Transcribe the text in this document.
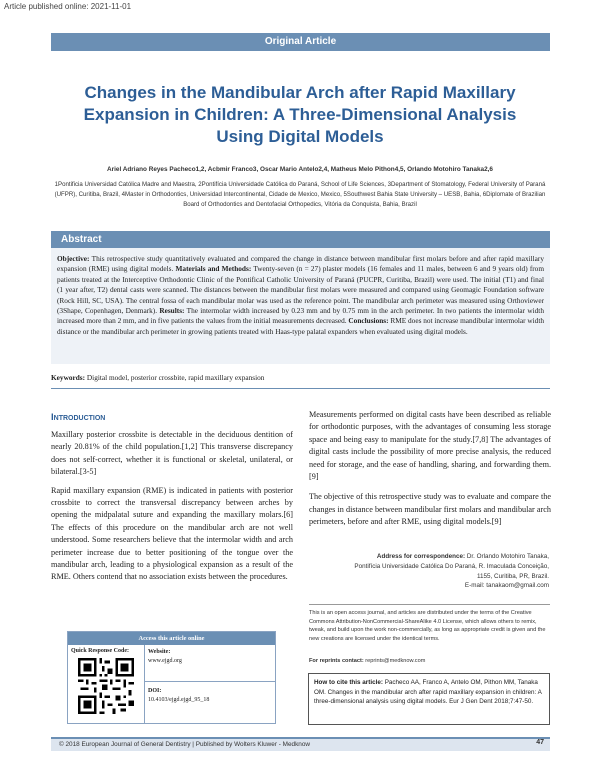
Article published online: 2021-11-01
Original Article
Changes in the Mandibular Arch after Rapid Maxillary Expansion in Children: A Three-Dimensional Analysis Using Digital Models
Ariel Adriano Reyes Pacheco1,2, Acbmir Franco3, Oscar Mario Antelo2,4, Matheus Melo Pithon4,5, Orlando Motohiro Tanaka2,6
1Pontificia Universidad Católica Madre and Maestra, 2Pontifícia Universidade Católica do Paraná, School of Life Sciences, 3Department of Stomatology, Federal University of Paraná (UFPR), Curitiba, Brazil, 4Master in Orthodontics, Universidad Intercontinental, Cidade de Mexico, Mexico, 5Southwest Bahia State University – UESB, Bahia, 6Diplomate of Brazilian Board of Orthodontics and Dentofacial Orthopedics, Vitória da Conquista, Bahia, Brazil
Abstract
Objective: This retrospective study quantitatively evaluated and compared the change in distance between mandibular first molars before and after rapid maxillary expansion (RME) using digital models. Materials and Methods: Twenty-seven (n = 27) plaster models (16 females and 11 males, between 6 and 9 years old) from patients treated at the Interceptive Orthodontic Clinic of the Pontifical Catholic University of Paraná (PUCPR, Curitiba, Brazil) were used. The initial (T1) and final (1 year after, T2) dental casts were scanned. The distances between the mandibular first molars were measured and compared using Geomagic Foundation software (Rock Hill, SC, USA). The central fossa of each mandibular molar was used as the reference point. The mandibular arch perimeter was measured using Orthoviewer (3Shape, Copenhagen, Denmark). Results: The intermolar width increased by 0.23 mm and by 0.75 mm in the arch perimeter. In two patients the intermolar width increased more than 2 mm, and in five patients the values from the initial measurements decreased. Conclusions: RME does not increase mandibular intermolar width distance or the mandibular arch perimeter in growing patients treated with Haas-type palatal expanders when evaluated using digital models.
Keywords: Digital model, posterior crossbite, rapid maxillary expansion
Introduction

Maxillary posterior crossbite is detectable in the deciduous dentition of nearly 20.81% of the child population.[1,2] This transverse discrepancy does not self-correct, whether it is functional or skeletal, unilateral, or bilateral.[3-5]

Rapid maxillary expansion (RME) is indicated in patients with posterior crossbite to correct the transversal discrepancy between arches by opening the midpalatal suture and expanding the maxillary molars.[6] The effects of this procedure on the mandibular arch are not well understood. Some researchers believe that the intermolar width and arch perimeter increase due to better positioning of the tongue over the mandibular arch, leading to a physiological expansion as a result of the RME. Others contend that no association exists between the procedures.

Measurements performed on digital casts have been described as reliable for orthodontic purposes, with the advantages of consuming less storage space and being easy to manipulate for the study.[7,8] The advantages of digital casts include the possibility of more precise analysis, the reduced need for storage, and the ease of handling, sharing, and forwarding them.[9]

The objective of this retrospective study was to evaluate and compare the changes in distance between mandibular first molars and mandibular arch perimeters, before and after RME, using digital models.[9]

Address for correspondence: Dr. Orlando Motohiro Tanaka,
Pontifícia Universidade Católica Do Paraná, R. Imaculada Conceição,
1155, Curitiba, PR, Brazil.
E-mail: tanakaom@gmail.com
This is an open access journal, and articles are distributed under the terms of the Creative Commons Attribution-NonCommercial-ShareAlike 4.0 License, which allows others to remix, tweak, and build upon the work non-commercially, as long as appropriate credit is given and the new creations are licensed under the identical terms.
For reprints contact: reprints@medknow.com
How to cite this article: Pacheco AA, Franco A, Antelo OM, Pithon MM, Tanaka OM. Changes in the mandibular arch after rapid maxillary expansion in children: A three-dimensional analysis using digital models. Eur J Gen Dent 2018;7:47-50.
Access this article online
Quick Response Code:	Website:
www.ejgd.org
DOI:
10.4103/ejgd.ejgd_95_18
© 2018 European Journal of General Dentistry | Published by Wolters Kluwer - Medknow	47
